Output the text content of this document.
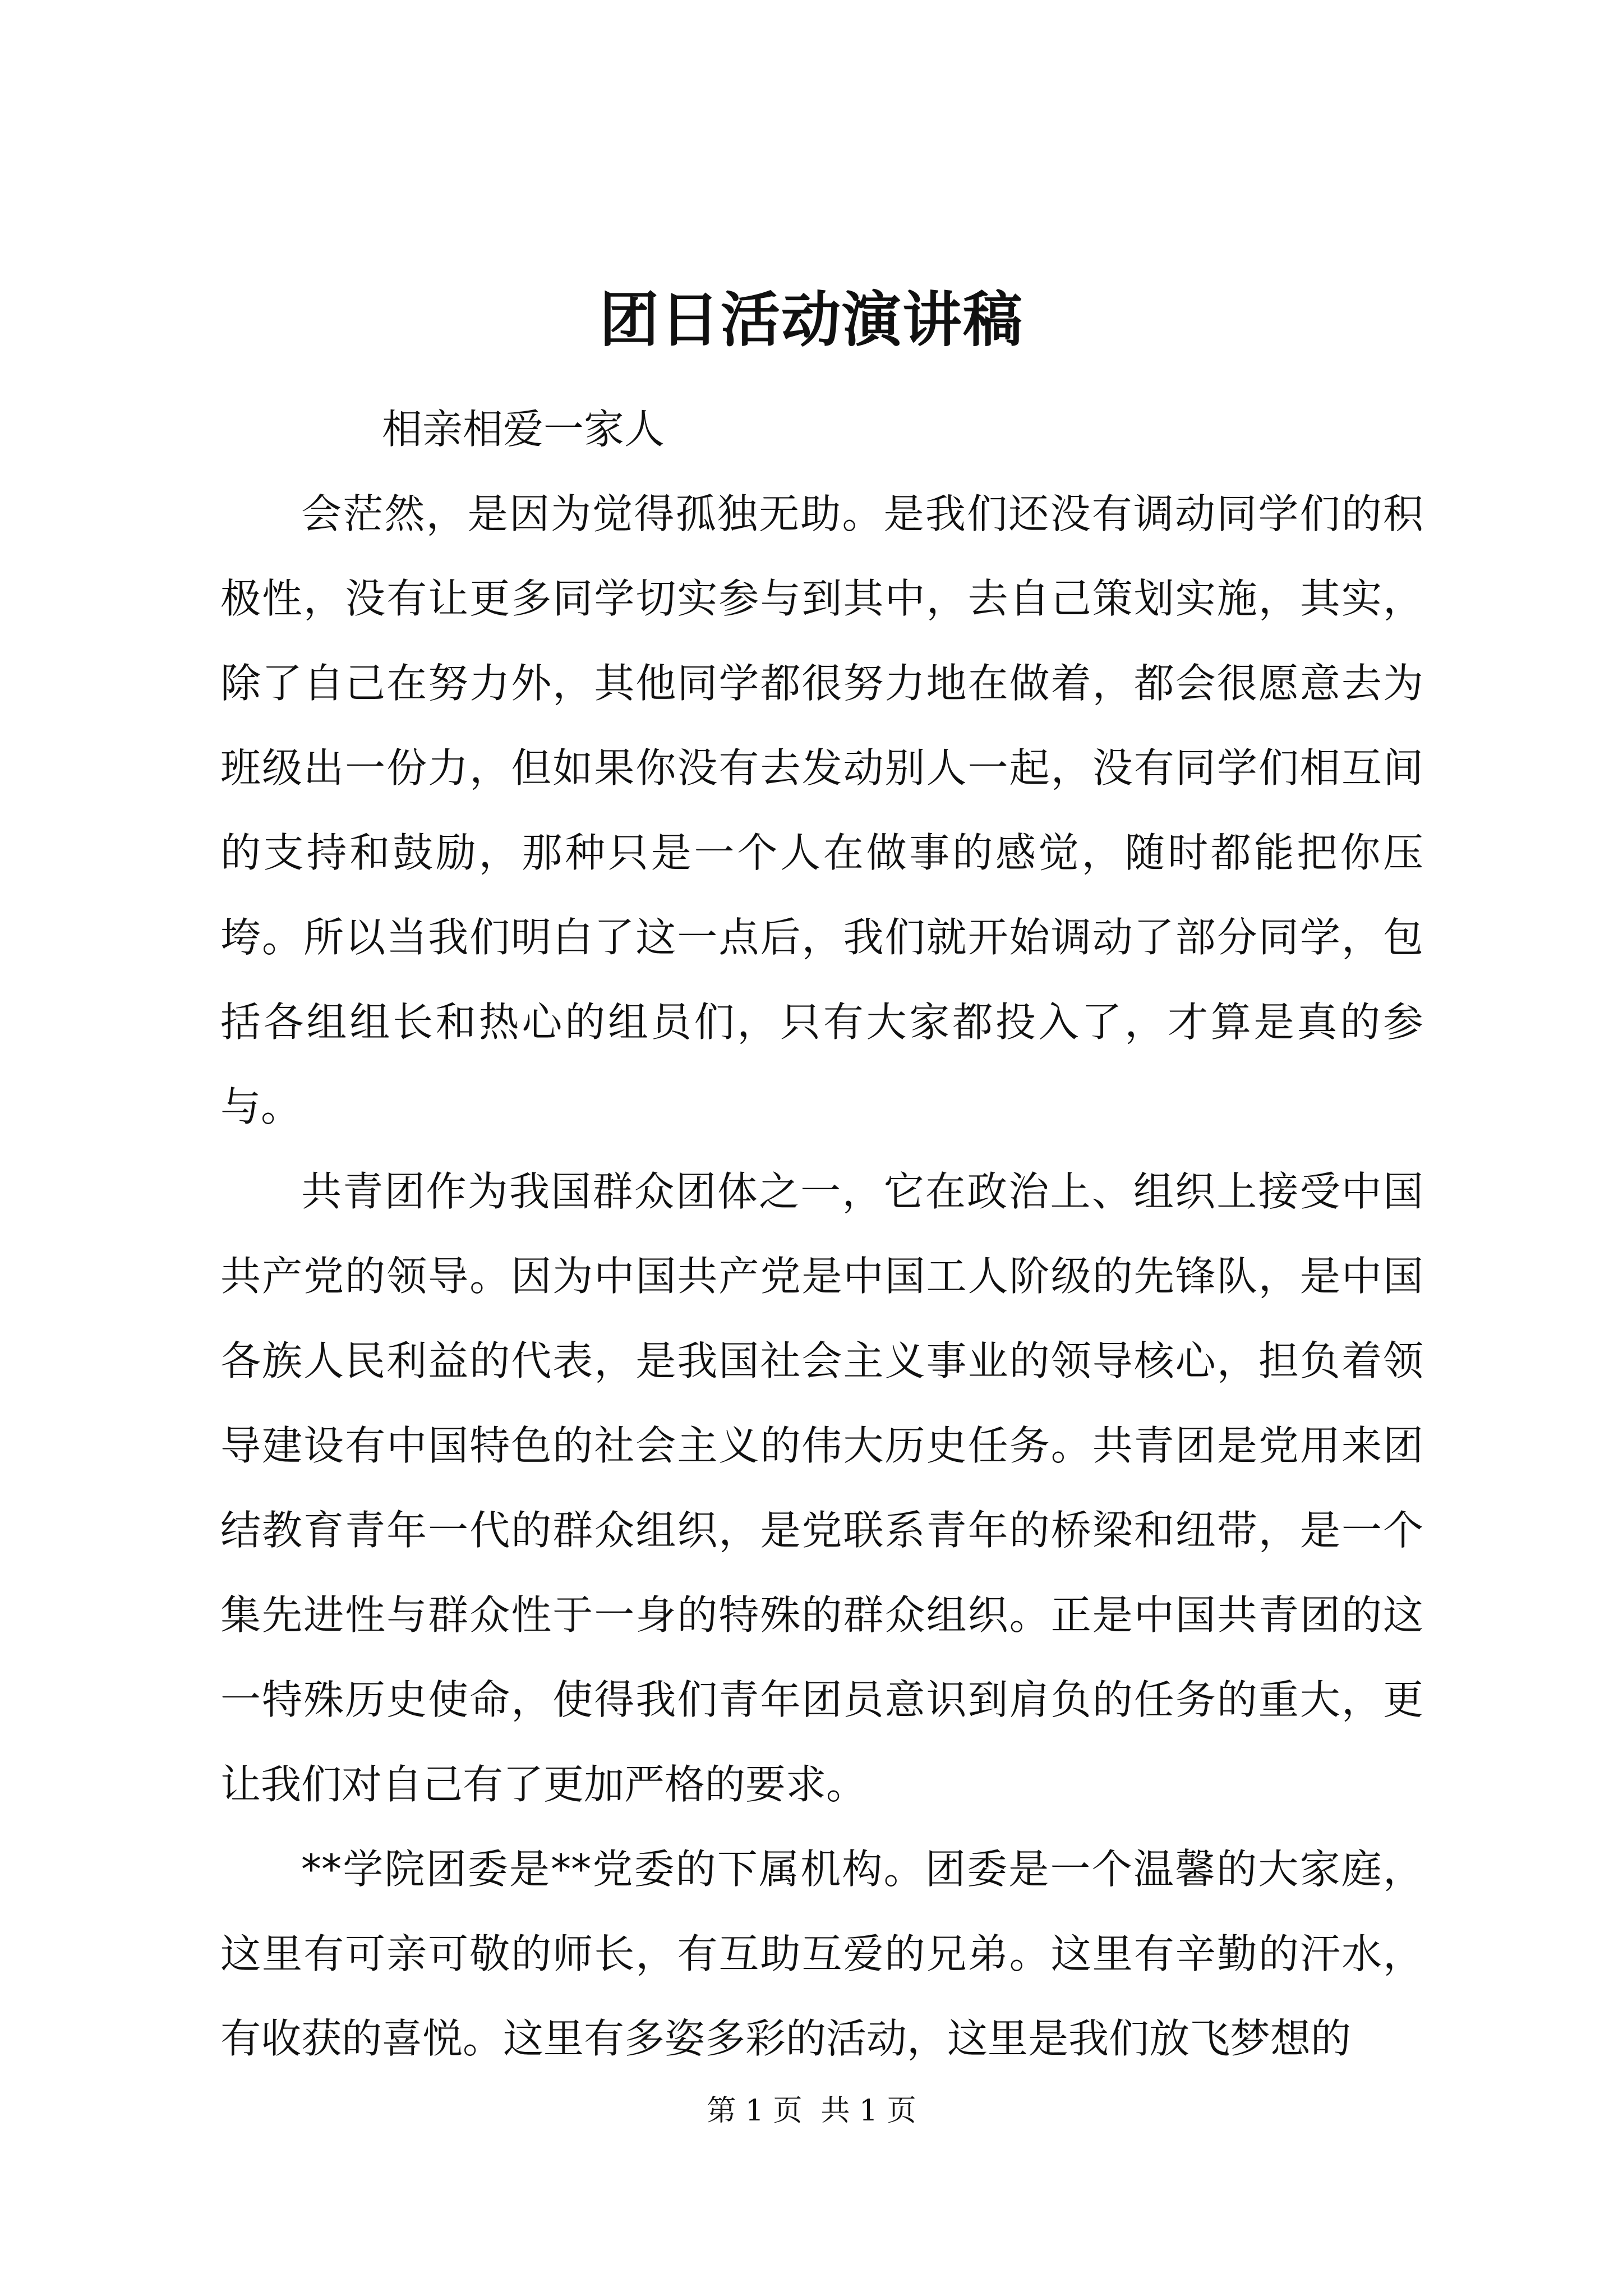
团日活动演讲稿

相亲相爱一家人

会茫然，是因为觉得孤独无助。是我们还没有调动同学们的积极性，没有让更多同学切实参与到其中，去自己策划实施，其实，除了自己在努力外，其他同学都很努力地在做着，都会很愿意去为班级出一份力，但如果你没有去发动别人一起，没有同学们相互间的支持和鼓励，那种只是一个人在做事的感觉，随时都能把你压垮。所以当我们明白了这一点后，我们就开始调动了部分同学，包括各组组长和热心的组员们，只有大家都投入了，才算是真的参与。

共青团作为我国群众团体之一，它在政治上、组织上接受中国共产党的领导。因为中国共产党是中国工人阶级的先锋队，是中国各族人民利益的代表，是我国社会主义事业的领导核心，担负着领导建设有中国特色的社会主义的伟大历史任务。共青团是党用来团结教育青年一代的群众组织，是党联系青年的桥梁和纽带，是一个集先进性与群众性于一身的特殊的群众组织。正是中国共青团的这一特殊历史使命，使得我们青年团员意识到肩负的任务的重大，更让我们对自己有了更加严格的要求。

**学院团委是**党委的下属机构。团委是一个温馨的大家庭，这里有可亲可敬的师长，有互助互爱的兄弟。这里有辛勤的汗水，有收获的喜悦。这里有多姿多彩的活动，这里是我们放飞梦想的

第 1 页  共 1 页
